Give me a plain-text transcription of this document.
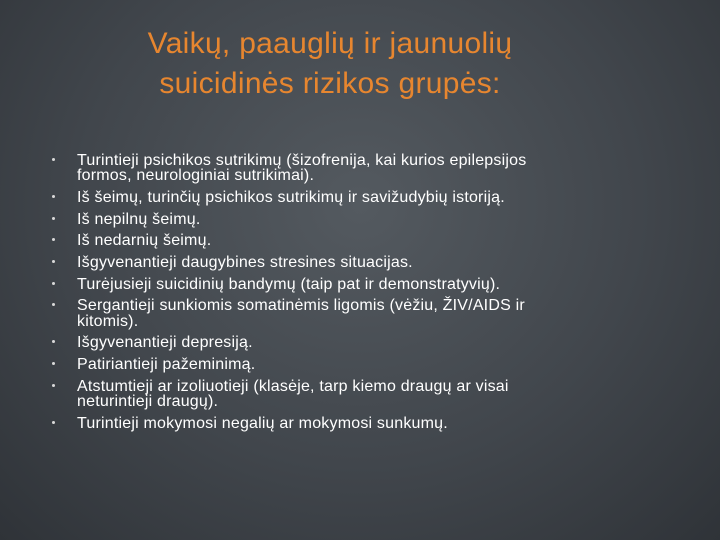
Vaikų, paauglių ir jaunuolių
suicidinės rizikos grupės:
Turintieji psichikos sutrikimų (šizofrenija, kai kurios epilepsijos
formos, neurologiniai sutrikimai).
Iš šeimų, turinčių psichikos sutrikimų ir savižudybių istoriją.
Iš nepilnų šeimų.
Iš nedarnių šeimų.
Išgyvenantieji daugybines stresines situacijas.
Turėjusieji suicidinių bandymų (taip pat ir demonstratyvių).
Sergantieji sunkiomis somatinėmis ligomis (vėžiu, ŽIV/AIDS ir
kitomis).
Išgyvenantieji depresiją.
Patiriantieji pažeminimą.
Atstumtieji ar izoliuotieji (klasėje, tarp kiemo draugų ar visai
neturintieji draugų).
Turintieji mokymosi negalių ar mokymosi sunkumų.
